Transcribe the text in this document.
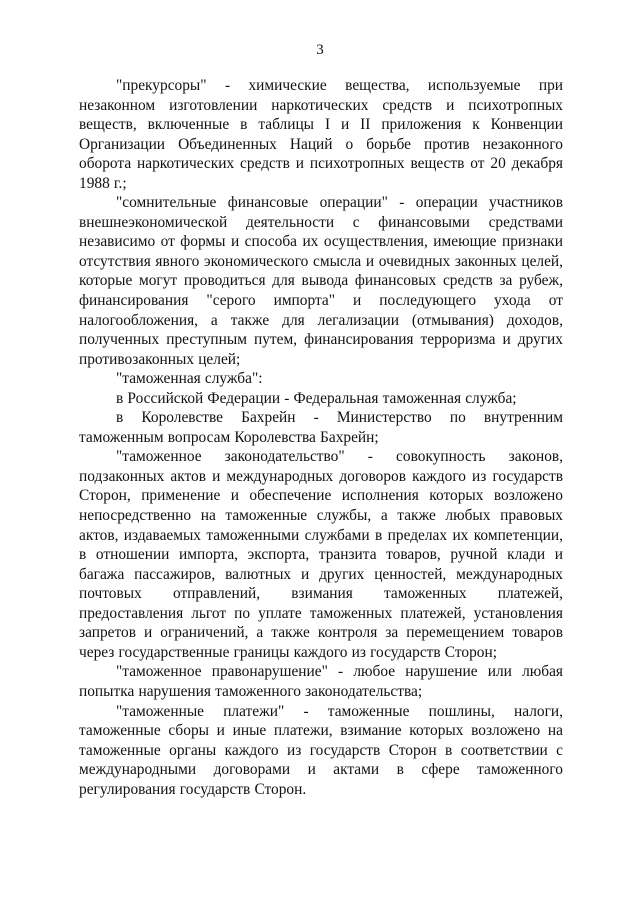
3

"прекурсоры" - химические вещества, используемые при незаконном изготовлении наркотических средств и психотропных веществ, включенные в таблицы I и II приложения к Конвенции Организации Объединенных Наций о борьбе против незаконного оборота наркотических средств и психотропных веществ от 20 декабря 1988 г.;

"сомнительные финансовые операции" - операции участников внешнеэкономической деятельности с финансовыми средствами независимо от формы и способа их осуществления, имеющие признаки отсутствия явного экономического смысла и очевидных законных целей, которые могут проводиться для вывода финансовых средств за рубеж, финансирования "серого импорта" и последующего ухода от налогообложения, а также для легализации (отмывания) доходов, полученных преступным путем, финансирования терроризма и других противозаконных целей;

"таможенная служба":

в Российской Федерации - Федеральная таможенная служба;

в Королевстве Бахрейн - Министерство по внутренним таможенным вопросам Королевства Бахрейн;

"таможенное законодательство" - совокупность законов, подзаконных актов и международных договоров каждого из государств Сторон, применение и обеспечение исполнения которых возложено непосредственно на таможенные службы, а также любых правовых актов, издаваемых таможенными службами в пределах их компетенции, в отношении импорта, экспорта, транзита товаров, ручной клади и багажа пассажиров, валютных и других ценностей, международных почтовых отправлений, взимания таможенных платежей, предоставления льгот по уплате таможенных платежей, установления запретов и ограничений, а также контроля за перемещением товаров через государственные границы каждого из государств Сторон;

"таможенное правонарушение" - любое нарушение или любая попытка нарушения таможенного законодательства;

"таможенные платежи" - таможенные пошлины, налоги, таможенные сборы и иные платежи, взимание которых возложено на таможенные органы каждого из государств Сторон в соответствии с международными договорами и актами в сфере таможенного регулирования государств Сторон.
